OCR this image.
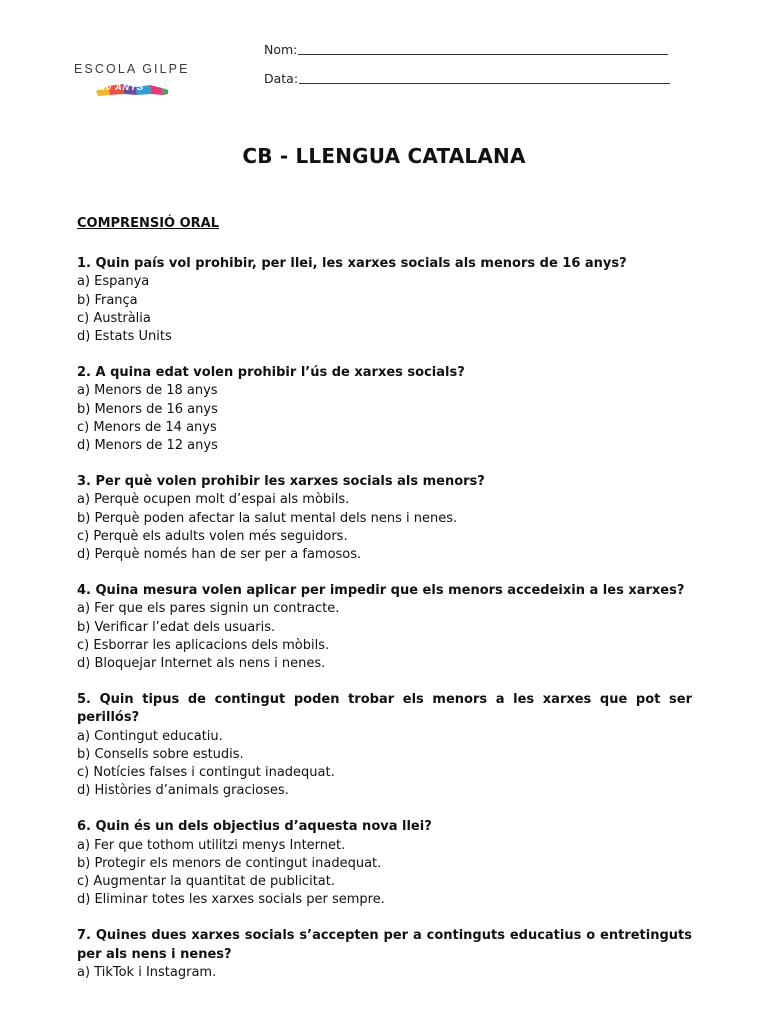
ESCOLA GILPE
50 ANYS
Nom:
Data:
CB - LLENGUA CATALANA
COMPRENSIÓ ORAL
1. Quin país vol prohibir, per llei, les xarxes socials als menors de 16 anys?
a) Espanya
b) França
c) Austràlia
d) Estats Units
2. A quina edat volen prohibir l’ús de xarxes socials?
a) Menors de 18 anys
b) Menors de 16 anys
c) Menors de 14 anys
d) Menors de 12 anys
3. Per què volen prohibir les xarxes socials als menors?
a) Perquè ocupen molt d’espai als mòbils.
b) Perquè poden afectar la salut mental dels nens i nenes.
c) Perquè els adults volen més seguidors.
d) Perquè només han de ser per a famosos.
4. Quina mesura volen aplicar per impedir que els menors accedeixin a les xarxes?
a) Fer que els pares signin un contracte.
b) Verificar l’edat dels usuaris.
c) Esborrar les aplicacions dels mòbils.
d) Bloquejar Internet als nens i nenes.
5. Quin tipus de contingut poden trobar els menors a les xarxes que pot ser perillós?
a) Contingut educatiu.
b) Consells sobre estudis.
c) Notícies falses i contingut inadequat.
d) Històries d’animals gracioses.
6. Quin és un dels objectius d’aquesta nova llei?
a) Fer que tothom utilitzi menys Internet.
b) Protegir els menors de contingut inadequat.
c) Augmentar la quantitat de publicitat.
d) Eliminar totes les xarxes socials per sempre.
7. Quines dues xarxes socials s’accepten per a continguts educatius o entretinguts per als nens i nenes?
a) TikTok i Instagram.
